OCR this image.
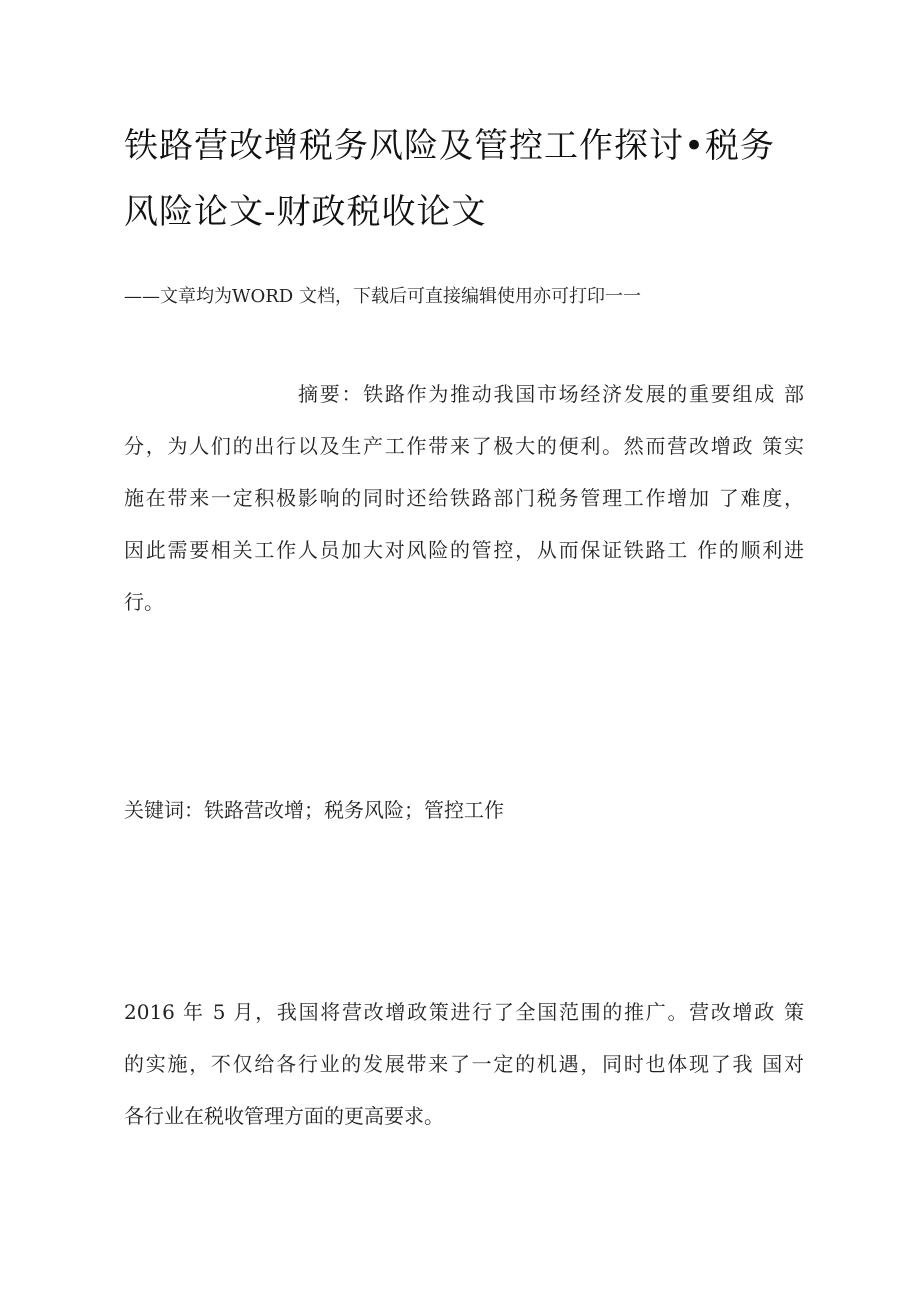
铁路营改增税务风险及管控工作探讨•税务
风险论文-财政税收论文
——文章均为WORD 文档，下载后可直接编辑使用亦可打印一一
摘要：铁路作为推动我国市场经济发展的重要组成 部
分，为人们的出行以及生产工作带来了极大的便利。然而营改增政 策实
施在带来一定积极影响的同时还给铁路部门税务管理工作增加 了难度，
因此需要相关工作人员加大对风险的管控，从而保证铁路工 作的顺利进
行。
关键词：铁路营改增；税务风险；管控工作
2016 年 5 月，我国将营改增政策进行了全国范围的推广。营改增政 策
的实施，不仅给各行业的发展带来了一定的机遇，同时也体现了我 国对
各行业在税收管理方面的更高要求。
